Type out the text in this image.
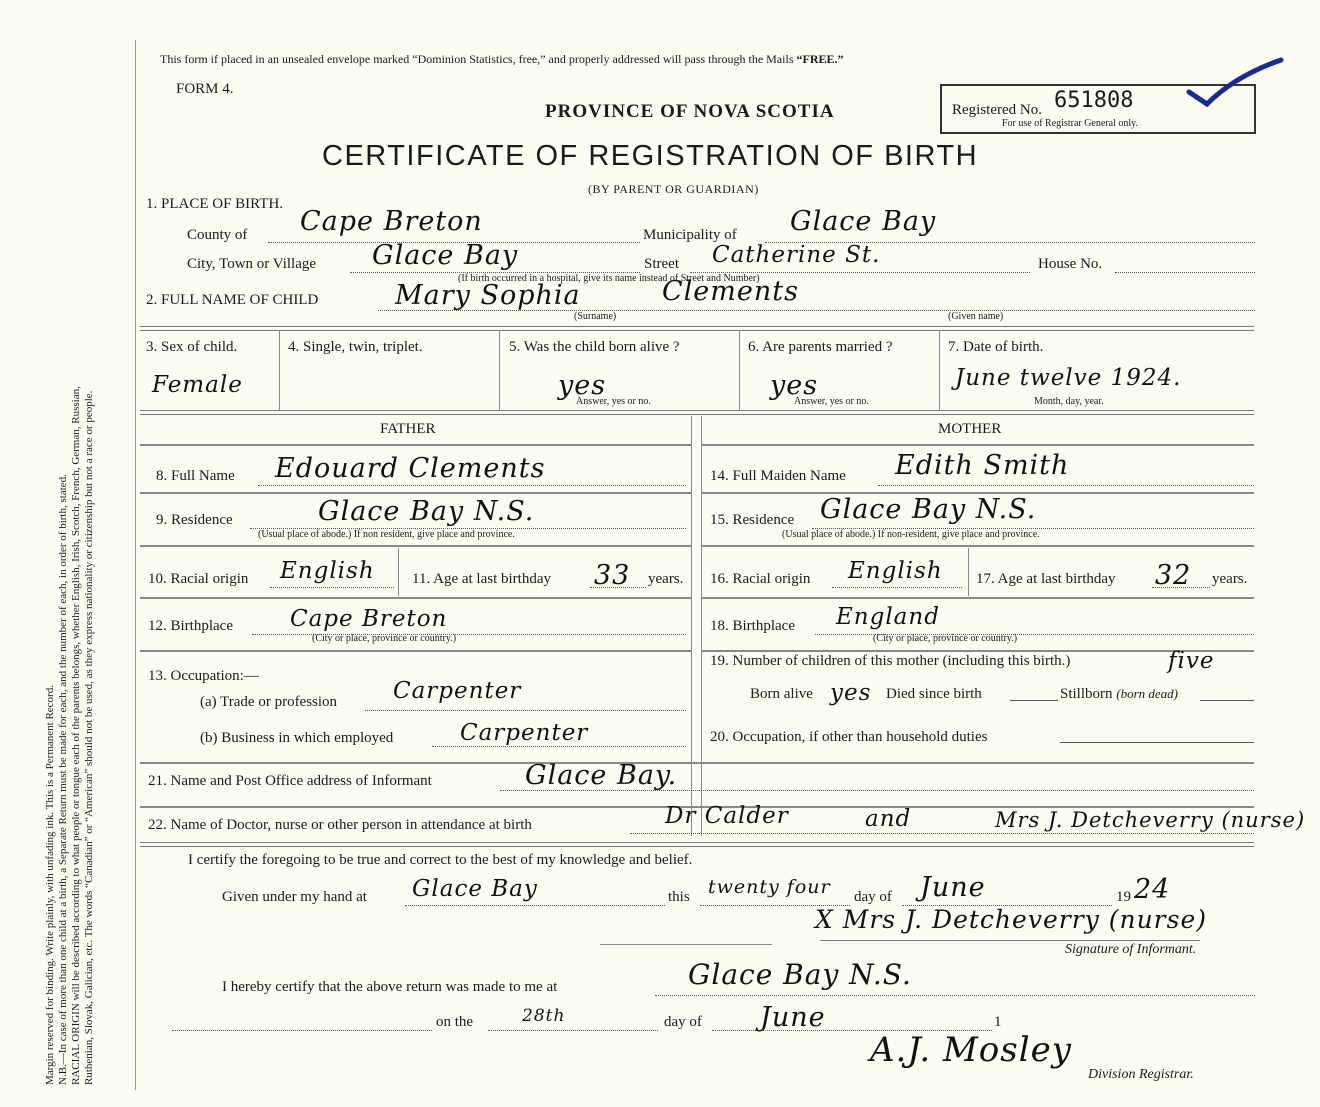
Margin reserved for binding. Write plainly, with unfading ink. This is a Permanent Record. N.B.—In case of more than one child at a birth, a Separate Return must be made for each, and the number of each, in order of birth, stated. RACIAL ORIGIN will be described according to what people or tongue each of the parents belongs, whether English, Irish, Scotch, French, German, Russian, Ruthenian, Slovak, Galician, etc. The words “Canadian” or “American” should not be used, as they express nationality or citizenship but not a race or people.
This form if placed in an unsealed envelope marked “Dominion Statistics, free,” and properly addressed will pass through the Mails “FREE.”
FORM 4.
PROVINCE OF NOVA SCOTIA
CERTIFICATE OF REGISTRATION OF BIRTH
(BY PARENT OR GUARDIAN)
Registered No. 651808
For use of Registrar General only.
1. PLACE OF BIRTH.
County of Cape Breton	Municipality of Glace Bay
City, Town or Village Glace Bay	Street Catherine St.	House No.
(If birth occurred in a hospital, give its name instead of Street and Number)
2. FULL NAME OF CHILD	Mary Sophia	Clements
(Surname)	(Given name)
3. Sex of child.
Female
4. Single, twin, triplet.	5. Was the child born alive ?
yes
Answer, yes or no.
6. Are parents married ?
yes
Answer, yes or no.
7. Date of birth.
June twelve 1924.
Month, day, year.
FATHER	MOTHER
8. Full Name Edouard Clements
9. Residence	Glace Bay N.S.
(Usual place of abode.) If non resident, give place and province.
10. Racial origin English 11. Age at last birthday 33 years.
12. Birthplace Cape Breton
(City or place, province or country.)
13. Occupation:—
(a) Trade or profession Carpenter
(b) Business in which employed	Carpenter
14. Full Maiden Name Edith Smith
15. Residence Glace Bay N.S.
(Usual place of abode.) If non-resident, give place and province.
16. Racial origin English 17. Age at last birthday 32 years.
18. Birthplace England
(City or place, province or country.)
19. Number of children of this mother (including this birth.)	five
Born alive yes Died since birth	Stillborn (born dead)
20. Occupation, if other than household duties
21. Name and Post Office address of Informant	Glace Bay.
22. Name of Doctor, nurse or other person in attendance at birth	Dr Calder	and	Mrs J. Detcheverry (nurse)
I certify the foregoing to be true and correct to the best of my knowledge and belief.
Given under my hand at Glace Bay	this twenty four day of June	19 24
X Mrs J. Detcheverry (nurse)
Signature of Informant.
I hereby certify that the above return was made to me at	Glace Bay N.S.
on the	28th	day of June	1
A.J. Mosley
Division Registrar.
